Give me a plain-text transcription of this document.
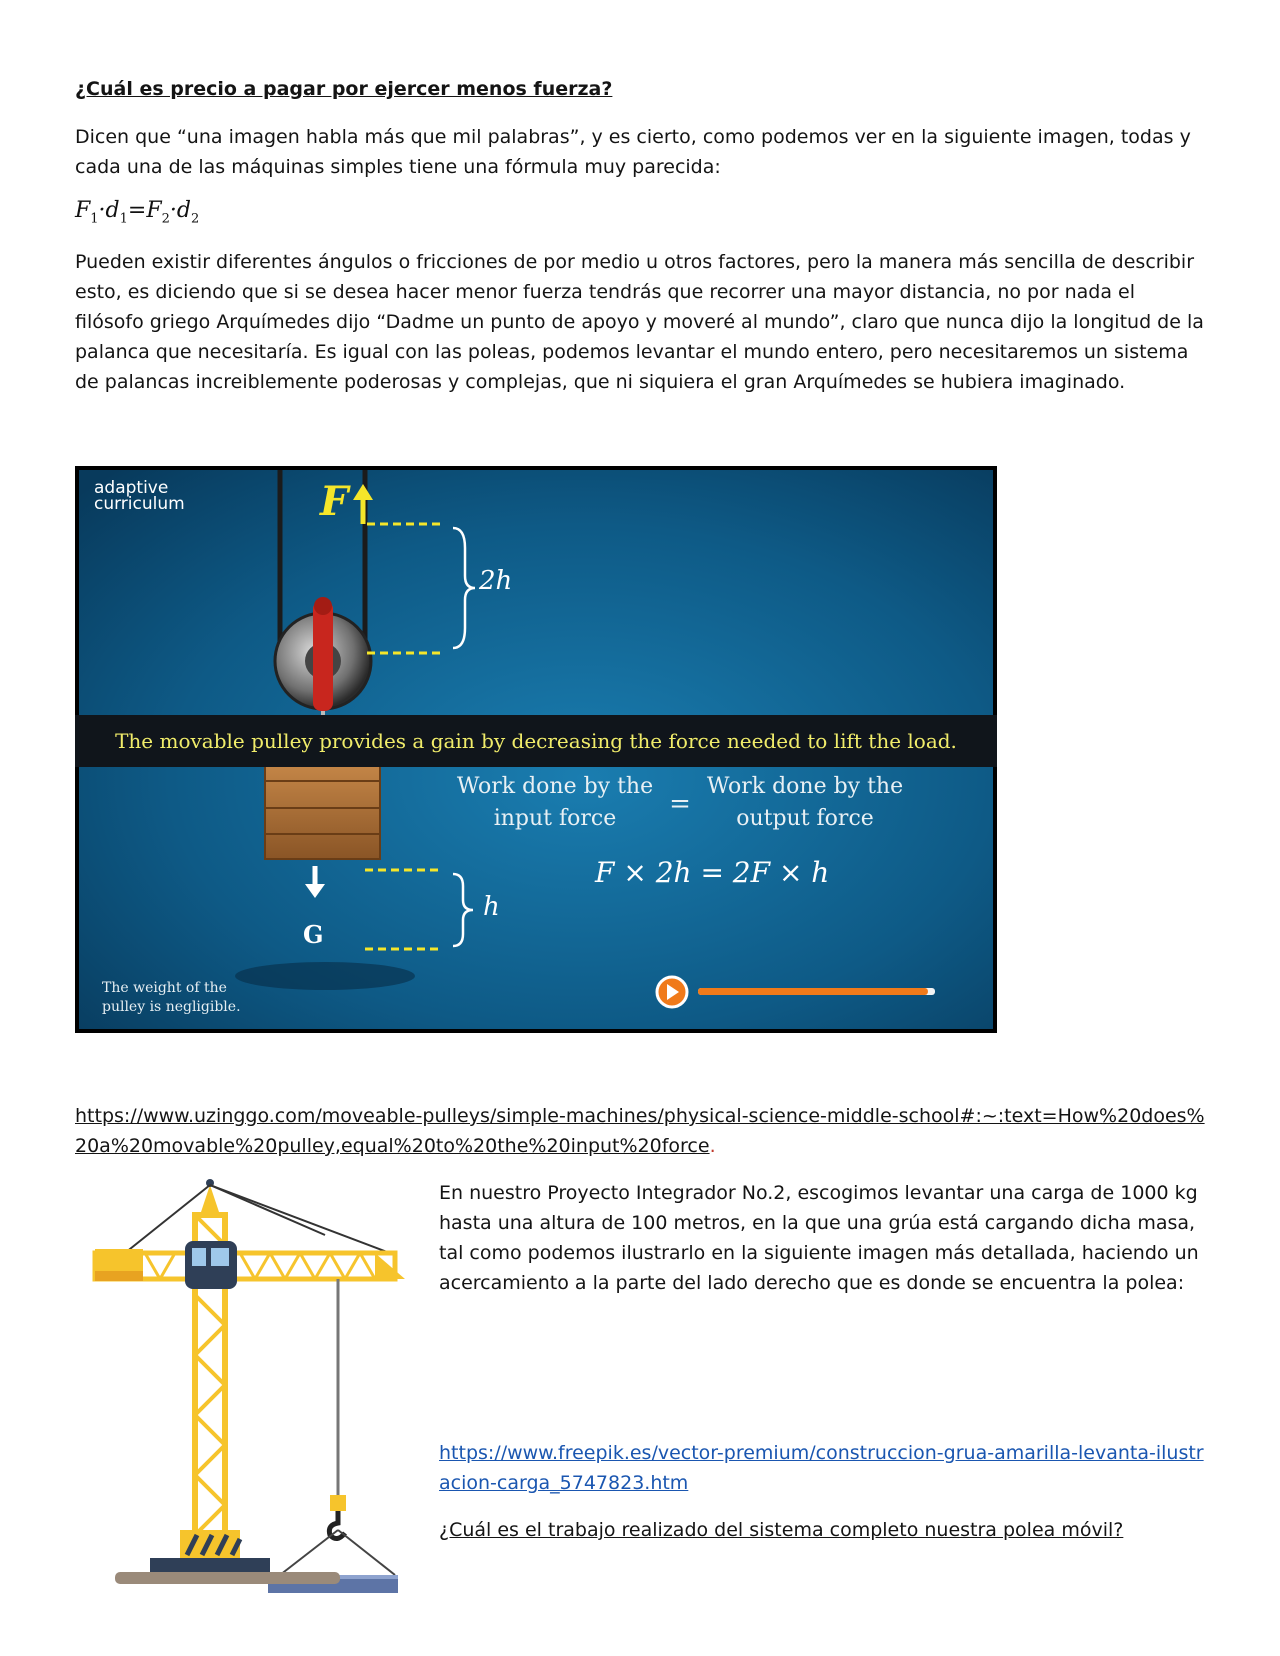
¿Cuál es precio a pagar por ejercer menos fuerza?
Dicen que “una imagen habla más que mil palabras”, y es cierto, como podemos ver en la siguiente imagen, todas y cada una de las máquinas simples tiene una fórmula muy parecida:
$F_1\cdot d_1=F_2\cdot d_2$
Pueden existir diferentes ángulos o fricciones de por medio u otros factores, pero la manera más sencilla de describir esto, es diciendo que si se desea hacer menor fuerza tendrás que recorrer una mayor distancia, no por nada el filósofo griego Arquímedes dijo “Dadme un punto de apoyo y moveré al mundo”, claro que nunca dijo la longitud de la palanca que necesitaría. Es igual con las poleas, podemos levantar el mundo entero, pero necesitaremos un sistema de palancas increiblemente poderosas y complejas, que ni siquiera el gran Arquímedes se hubiera imaginado.
adaptive
curriculum	F
2h
The movable pulley provides a gain by decreasing the force needed to lift the load.
Work done by the
input force	=
Work done by the
output force
F × 2h = 2F × h
h
G
The weight of the
pulley is negligible.
https://www.uzinggo.com/moveable-pulleys/simple-machines/physical-science-middle-school#:~:text=How%20does%20a%20movable%20pulley,equal%20to%20the%20input%20force.
En nuestro Proyecto Integrador No.2, escogimos levantar una carga de 1000 kg hasta una altura de 100 metros, en la que una grúa está cargando dicha masa, tal como podemos ilustrarlo en la siguiente imagen más detallada, haciendo un acercamiento a la parte del lado derecho que es donde se encuentra la polea:
https://www.freepik.es/vector-premium/construccion-grua-amarilla-levanta-ilustracion-carga_5747823.htm
¿Cuál es el trabajo realizado del sistema completo nuestra polea móvil?
